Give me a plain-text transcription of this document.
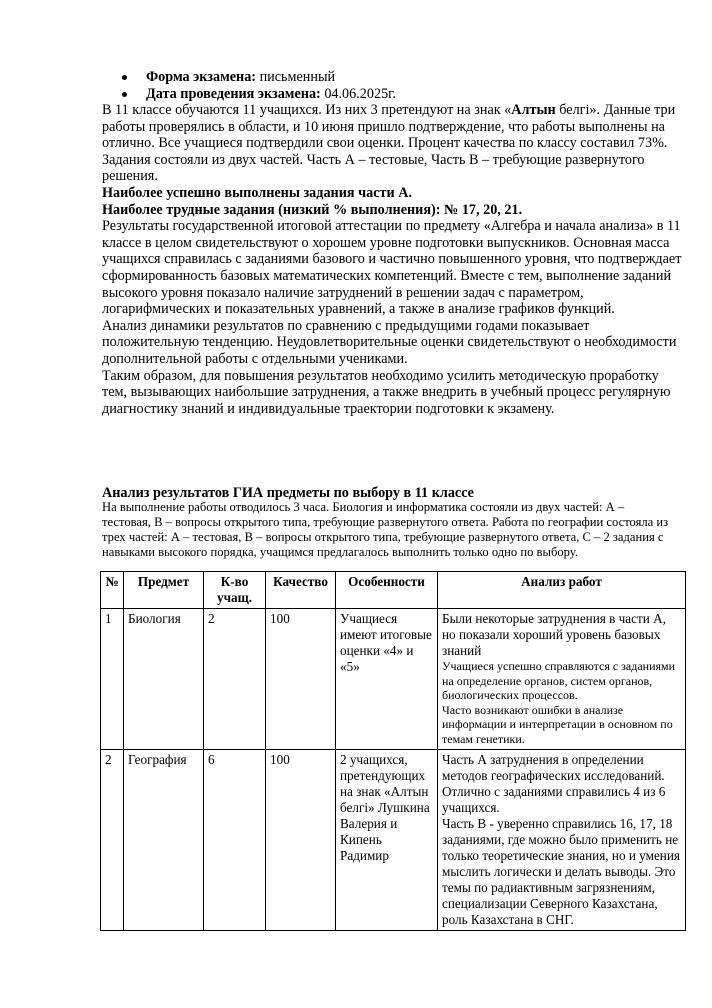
Форма экзамена: письменный
Дата проведения экзамена: 04.06.2025г.

В 11 классе обучаются 11 учащихся. Из них 3 претендуют на знак «Алтын белгі». Данные три работы проверялись в области, и 10 июня пришло подтверждение, что работы выполнены на отлично. Все учащиеся подтвердили свои оценки. Процент качества по классу составил 73%.

Задания состояли из двух частей. Часть А – тестовые, Часть В – требующие развернутого решения.

Наиболее успешно выполнены задания части А.

Наиболее трудные задания (низкий % выполнения): № 17, 20, 21.

Результаты государственной итоговой аттестации по предмету «Алгебра и начала анализа» в 11 классе в целом свидетельствуют о хорошем уровне подготовки выпускников. Основная масса учащихся справилась с заданиями базового и частично повышенного уровня, что подтверждает сформированность базовых математических компетенций. Вместе с тем, выполнение заданий высокого уровня показало наличие затруднений в решении задач с параметром, логарифмических и показательных уравнений, а также в анализе графиков функций.

Анализ динамики результатов по сравнению с предыдущими годами показывает положительную тенденцию. Неудовлетворительные оценки свидетельствуют о необходимости дополнительной работы с отдельными учениками.

Таким образом, для повышения результатов необходимо усилить методическую проработку тем, вызывающих наибольшие затруднения, а также внедрить в учебный процесс регулярную диагностику знаний и индивидуальные траектории подготовки к экзамену.

Анализ результатов ГИА предметы по выбору в 11 классе

На выполнение работы отводилось 3 часа. Биология и информатика состояли из двух частей: А – тестовая, В – вопросы открытого типа, требующие развернутого ответа. Работа по географии состояла из трех частей: А – тестовая, В – вопросы открытого типа, требующие развернутого ответа, С – 2 задания с навыками высокого порядка, учащимся предлагалось выполнить только одно по выбору.

№	Предмет	К-во учащ.	Качество	Особенности	Анализ работ
1	Биология	2	100	Учащиеся имеют итоговые оценки «4» и «5»	Были некоторые затруднения в части А, но показали хороший уровень базовых знаний
Учащиеся успешно справляются с заданиями на определение органов, систем органов, биологических процессов.
Часто возникают ошибки в анализе информации и интерпретации в основном по темам генетики.

2	География	6	100	2 учащихся, претендующих на знак «Алтын белгі» Лушкина Валерия и Кипень Радимир	Часть А затруднения в определении методов географических исследований. Отлично с заданиями справились 4 из 6 учащихся.
Часть В - уверенно справились 16, 17, 18 заданиями, где можно было применить не только теоретические знания, но и умения мыслить логически и делать выводы. Это темы по радиактивным загрязнениям, специализации Северного Казахстана, роль Казахстана в СНГ.
